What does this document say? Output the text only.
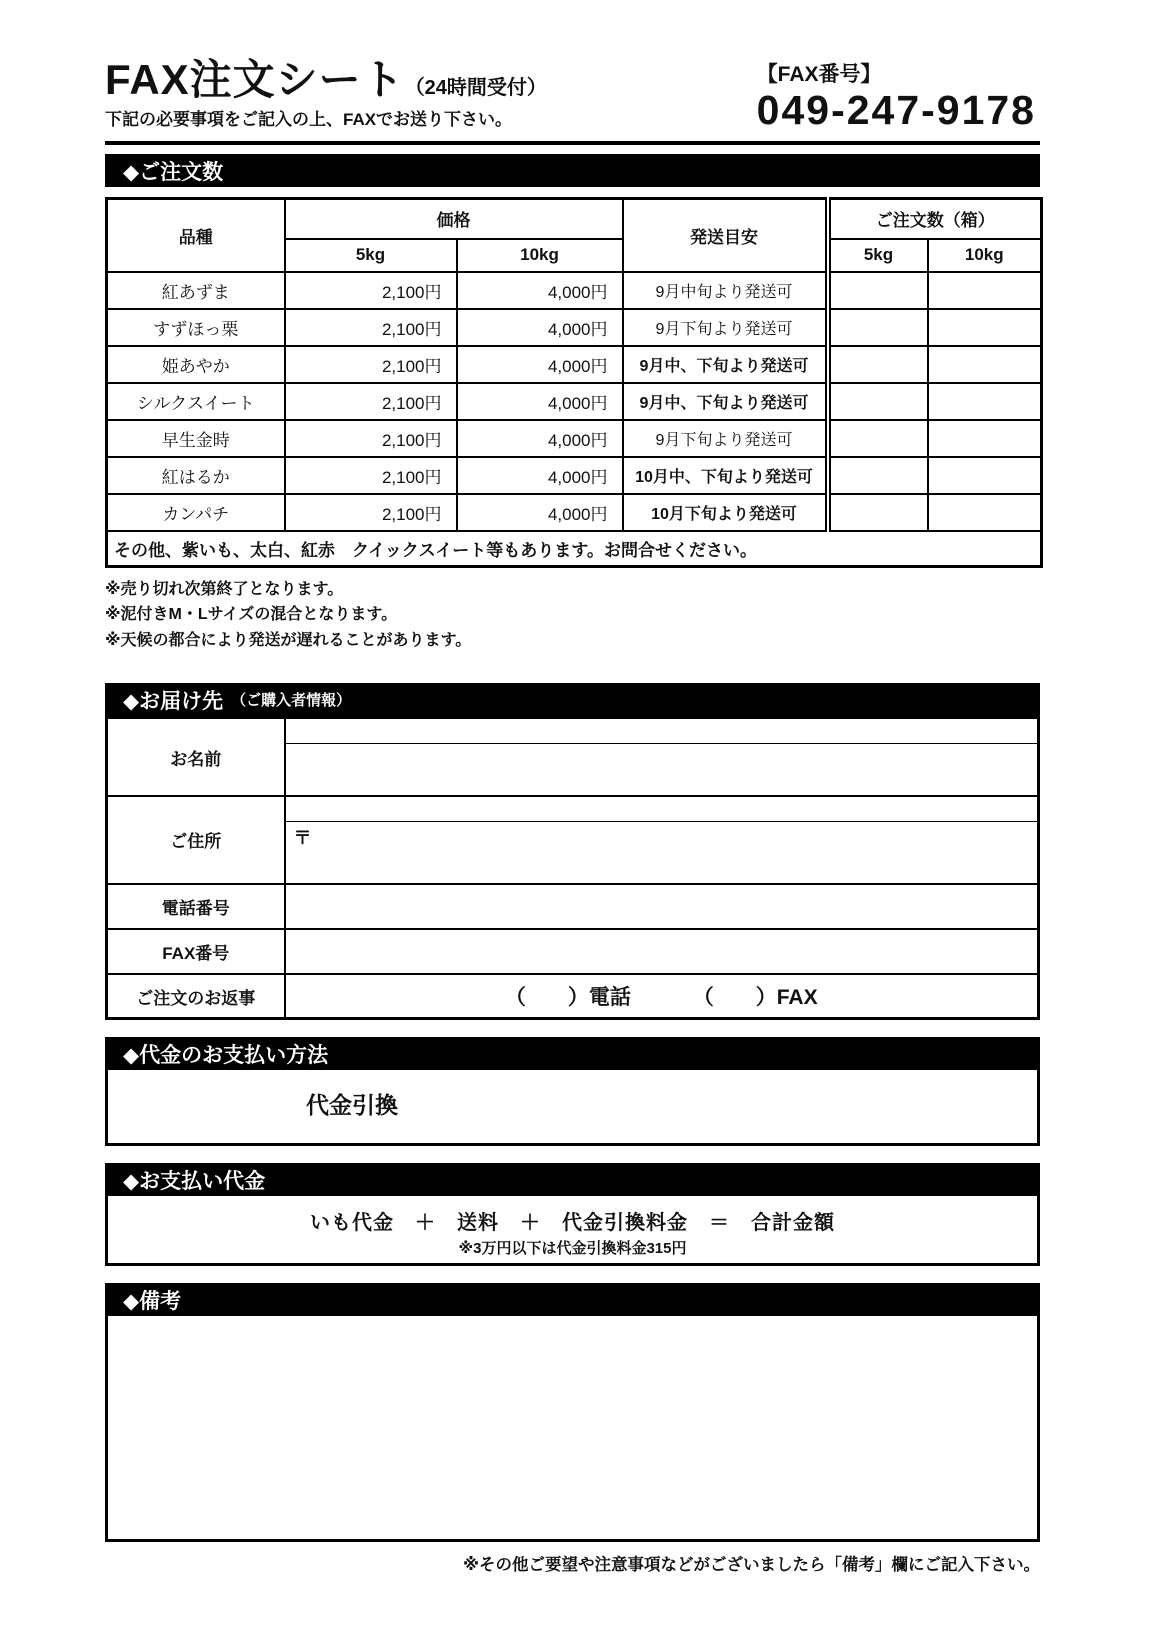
FAX注文シート （24時間受付）
下記の必要事項をご記入の上、FAXでお送り下さい。
【FAX番号】
049-247-9178
◆ご注文数
品種	価格		発送目安	ご注文数（箱）	
	5kg	10kg		5kg	10kg
紅あずま	2,100円	4,000円	9月中旬より発送可		
すずほっ栗	2,100円	4,000円	9月下旬より発送可		
姫あやか	2,100円	4,000円	9月中、下旬より発送可		
シルクスイート	2,100円	4,000円	9月中、下旬より発送可		
早生金時	2,100円	4,000円	9月下旬より発送可		
紅はるか	2,100円	4,000円	10月中、下旬より発送可		
カンパチ	2,100円	4,000円	10月下旬より発送可		
その他、紫いも、太白、紅赤　クイックスイート等もあります。お問合せください。					
※売り切れ次第終了となります。
※泥付きM・Lサイズの混合となります。
※天候の都合により発送が遅れることがあります。
◆お届け先 （ご購入者情報）
お名前	

ご住所	〒

電話番号	
FAX番号	
ご注文のお返事	（　　）電話 （　　）FAX
◆代金のお支払い方法
代金引換
◆お支払い代金
いも代金　＋　送料　＋　代金引換料金　＝　合計金額
※3万円以下は代金引換料金315円
◆備考
※その他ご要望や注意事項などがございましたら「備考」欄にご記入下さい。
